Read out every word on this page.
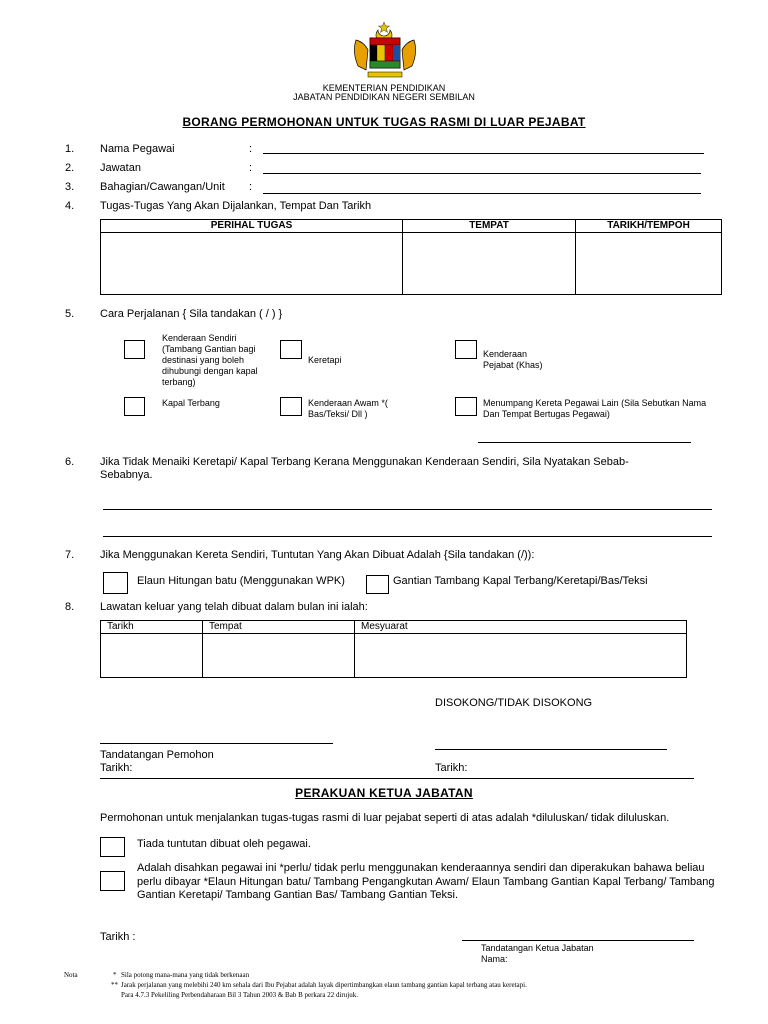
KEMENTERIAN PENDIDIKAN
JABATAN PENDIDIKAN NEGERI SEMBILAN
BORANG PERMOHONAN UNTUK TUGAS RASMI DI LUAR PEJABAT
1. Nama Pegawai	:
2. Jawatan	:
3. Bahagian/Cawangan/Unit :
4. Tugas-Tugas Yang Akan Dijalankan, Tempat Dan Tarikh
PERIHAL TUGAS	TEMPAT	TARIKH/TEMPOH

5. Cara Perjalanan { Sila tandakan ( / ) }
Kenderaan Sendiri (Tambang Gantian bagi destinasi yang boleh dihubungi dengan kapal terbang)
Keretapi
Kenderaan Pejabat (Khas)
Kapal Terbang	Kenderaan Awam *( Bas/Teksi/ Dll )
Menumpang Kereta Pegawai Lain (Sila Sebutkan Nama Dan Tempat Bertugas Pegawai)
6. Jika Tidak Menaiki Keretapi/ Kapal Terbang Kerana Menggunakan Kenderaan Sendiri, Sila Nyatakan Sebab-Sebabnya.
7. Jika Menggunakan Kereta Sendiri, Tuntutan Yang Akan Dibuat Adalah {Sila tandakan (/)):
Elaun Hitungan batu (Menggunakan WPK)	Gantian Tambang Kapal Terbang/Keretapi/Bas/Teksi
8. Lawatan keluar yang telah dibuat dalam bulan ini ialah:
Tarikh	Tempat	Mesyuarat

DISOKONG/TIDAK DISOKONG
Tandatangan Pemohon
Tarikh:	Tarikh:
PERAKUAN KETUA JABATAN
Permohonan untuk menjalankan tugas-tugas rasmi di luar pejabat seperti di atas adalah *diluluskan/ tidak diluluskan.
Tiada tuntutan dibuat oleh pegawai.
Adalah disahkan pegawai ini *perlu/ tidak perlu menggunakan kenderaannya sendiri dan diperakukan bahawa beliau perlu dibayar *Elaun Hitungan batu/ Tambang Pengangkutan Awam/ Elaun Tambang Gantian Kapal Terbang/ Tambang Gantian Keretapi/ Tambang Gantian Bas/ Tambang Gantian Teksi.
Tarikh :
Tandatangan Ketua Jabatan
Nama:
Nota	* Sila potong mana-mana yang tidak berkenaan
** Jarak perjalanan yang melebihi 240 km sehala dari Ibu Pejabat adalah layak dipertimbangkan elaun tambang gantian kapal terbang atau keretapi.
Para 4.7.3 Pekeliling Perbendaharaan Bil 3 Tahun 2003 & Bab B perkara 22 dirujuk.
